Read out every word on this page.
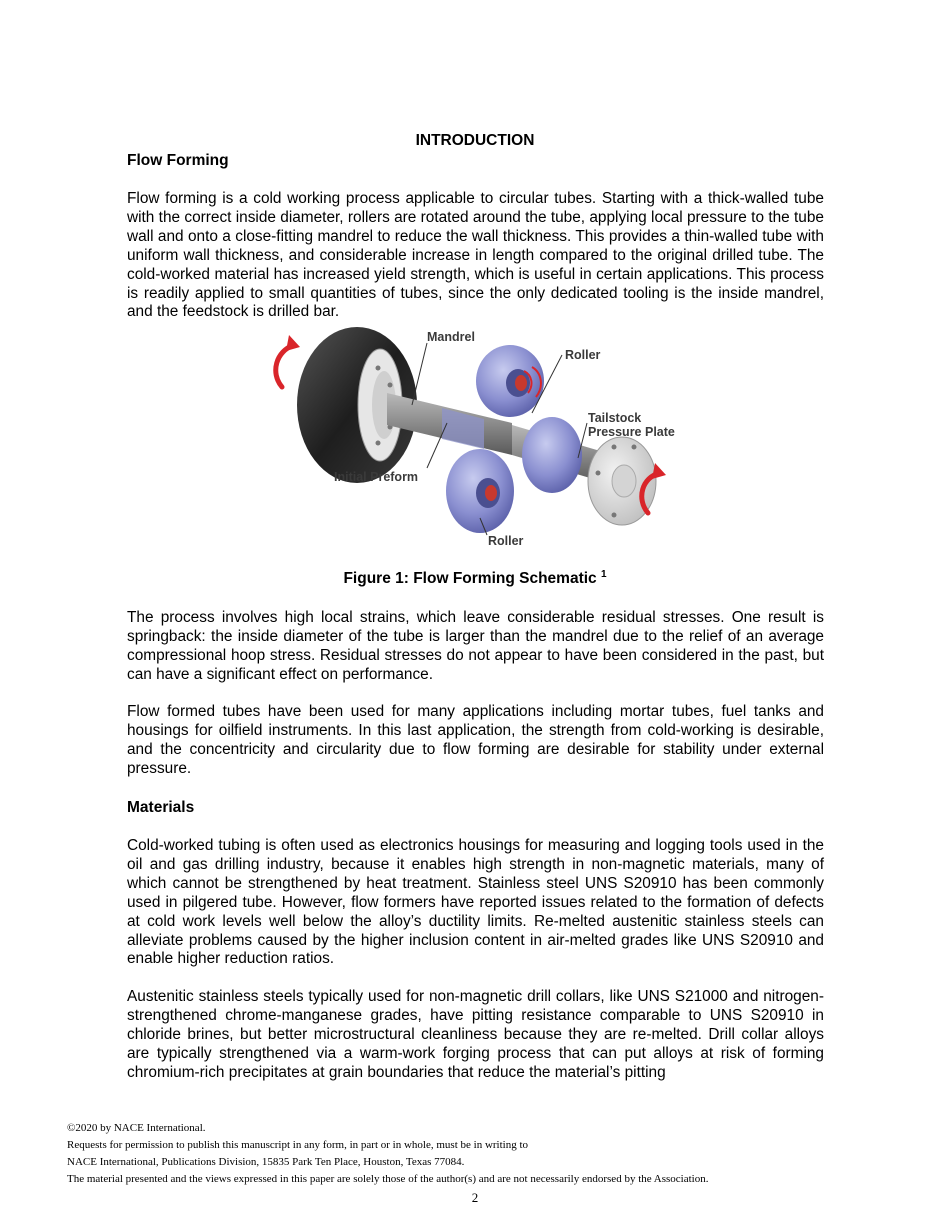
INTRODUCTION
Flow Forming
Flow forming is a cold working process applicable to circular tubes. Starting with a thick-walled tube with the correct inside diameter, rollers are rotated around the tube, applying local pressure to the tube wall and onto a close-fitting mandrel to reduce the wall thickness. This provides a thin-walled tube with uniform wall thickness, and considerable increase in length compared to the original drilled tube. The cold-worked material has increased yield strength, which is useful in certain applications. This process is readily applied to small quantities of tubes, since the only dedicated tooling is the inside mandrel, and the feedstock is drilled bar.
Mandrel
Roller
Tailstock
Pressure Plate
Initial Preform
Roller
Figure 1: Flow Forming Schematic $^1$
The process involves high local strains, which leave considerable residual stresses. One result is springback: the inside diameter of the tube is larger than the mandrel due to the relief of an average compressional hoop stress. Residual stresses do not appear to have been considered in the past, but can have a significant effect on performance.
Flow formed tubes have been used for many applications including mortar tubes, fuel tanks and housings for oilfield instruments. In this last application, the strength from cold-working is desirable, and the concentricity and circularity due to flow forming are desirable for stability under external pressure.
Materials
Cold-worked tubing is often used as electronics housings for measuring and logging tools used in the oil and gas drilling industry, because it enables high strength in non-magnetic materials, many of which cannot be strengthened by heat treatment. Stainless steel UNS S20910 has been commonly used in pilgered tube. However, flow formers have reported issues related to the formation of defects at cold work levels well below the alloy’s ductility limits. Re-melted austenitic stainless steels can alleviate problems caused by the higher inclusion content in air-melted grades like UNS S20910 and enable higher reduction ratios.
Austenitic stainless steels typically used for non-magnetic drill collars, like UNS S21000 and nitrogen-strengthened chrome-manganese grades, have pitting resistance comparable to UNS S20910 in chloride brines, but better microstructural cleanliness because they are re-melted. Drill collar alloys are typically strengthened via a warm-work forging process that can put alloys at risk of forming chromium-rich precipitates at grain boundaries that reduce the material’s pitting
©2020 by NACE International.
Requests for permission to publish this manuscript in any form, in part or in whole, must be in writing to
NACE International, Publications Division, 15835 Park Ten Place, Houston, Texas 77084.
The material presented and the views expressed in this paper are solely those of the author(s) and are not necessarily endorsed by the Association.
2
